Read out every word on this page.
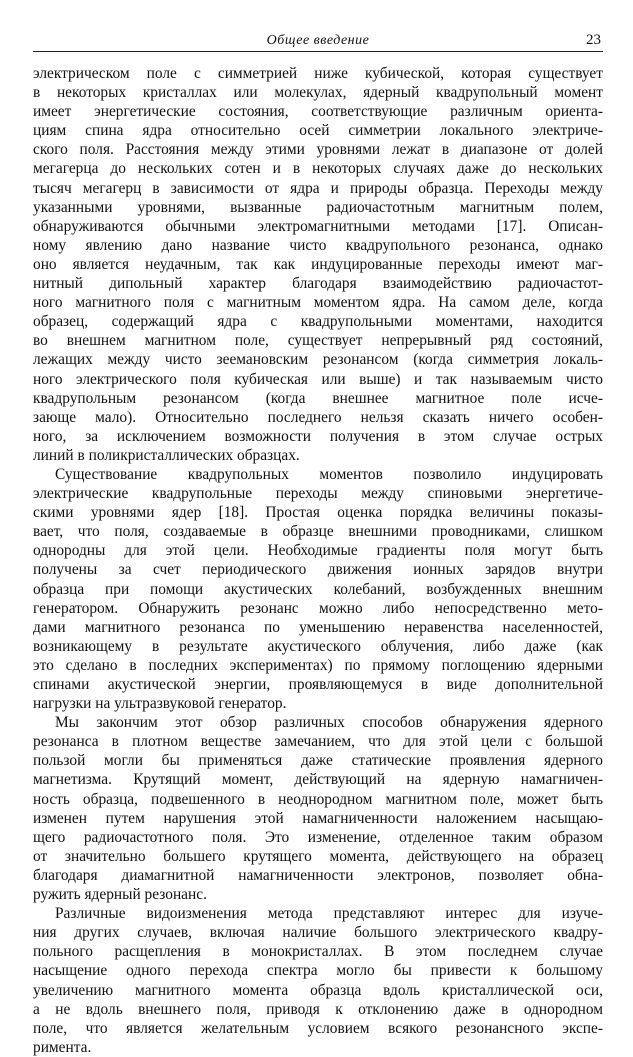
Общее введение	23
электрическом поле с симметрией ниже кубической, которая существует
в некоторых кристаллах или молекулах, ядерный квадрупольный момент
имеет энергетические состояния, соответствующие различным ориента-
циям спина ядра относительно осей симметрии локального электриче-
ского поля. Расстояния между этими уровнями лежат в диапазоне от долей
мегагерца до нескольких сотен и в некоторых случаях даже до нескольких
тысяч мегагерц в зависимости от ядра и природы образца. Переходы между
указанными уровнями, вызванные радиочастотным магнитным полем,
обнаруживаются обычными электромагнитными методами [17]. Описан-
ному явлению дано название чисто квадрупольного резонанса, однако
оно является неудачным, так как индуцированные переходы имеют маг-
нитный дипольный характер благодаря взаимодействию радиочастот-
ного магнитного поля с магнитным моментом ядра. На самом деле, когда
образец, содержащий ядра с квадрупольными моментами, находится
во внешнем магнитном поле, существует непрерывный ряд состояний,
лежащих между чисто зеемановским резонансом (когда симметрия локаль-
ного электрического поля кубическая или выше) и так называемым чисто
квадрупольным резонансом (когда внешнее магнитное поле исче-
зающе мало). Относительно последнего нельзя сказать ничего особен-
ного, за исключением возможности получения в этом случае острых
линий в поликристаллических образцах.
Существование квадрупольных моментов позволило индуцировать
электрические квадрупольные переходы между спиновыми энергетиче-
скими уровнями ядер [18]. Простая оценка порядка величины показы-
вает, что поля, создаваемые в образце внешними проводниками, слишком
однородны для этой цели. Необходимые градиенты поля могут быть
получены за счет периодического движения ионных зарядов внутри
образца при помощи акустических колебаний, возбужденных внешним
генератором. Обнаружить резонанс можно либо непосредственно мето-
дами магнитного резонанса по уменьшению неравенства населенностей,
возникающему в результате акустического облучения, либо даже (как
это сделано в последних экспериментах) по прямому поглощению ядерными
спинами акустической энергии, проявляющемуся в виде дополнительной
нагрузки на ультразвуковой генератор.
Мы закончим этот обзор различных способов обнаружения ядерного
резонанса в плотном веществе замечанием, что для этой цели с большой
пользой могли бы применяться даже статические проявления ядерного
магнетизма. Крутящий момент, действующий на ядерную намагничен-
ность образца, подвешенного в неоднородном магнитном поле, может быть
изменен путем нарушения этой намагниченности наложением насыщаю-
щего радиочастотного поля. Это изменение, отделенное таким образом
от значительно большего крутящего момента, действующего на образец
благодаря диамагнитной намагниченности электронов, позволяет обна-
ружить ядерный резонанс.
Различные видоизменения метода представляют интерес для изуче-
ния других случаев, включая наличие большого электрического квадру-
польного расщепления в монокристаллах. В этом последнем случае
насыщение одного перехода спектра могло бы привести к большому
увеличению магнитного момента образца вдоль кристаллической оси,
а не вдоль внешнего поля, приводя к отклонению даже в однородном
поле, что является желательным условием всякого резонансного экспе-
римента.
